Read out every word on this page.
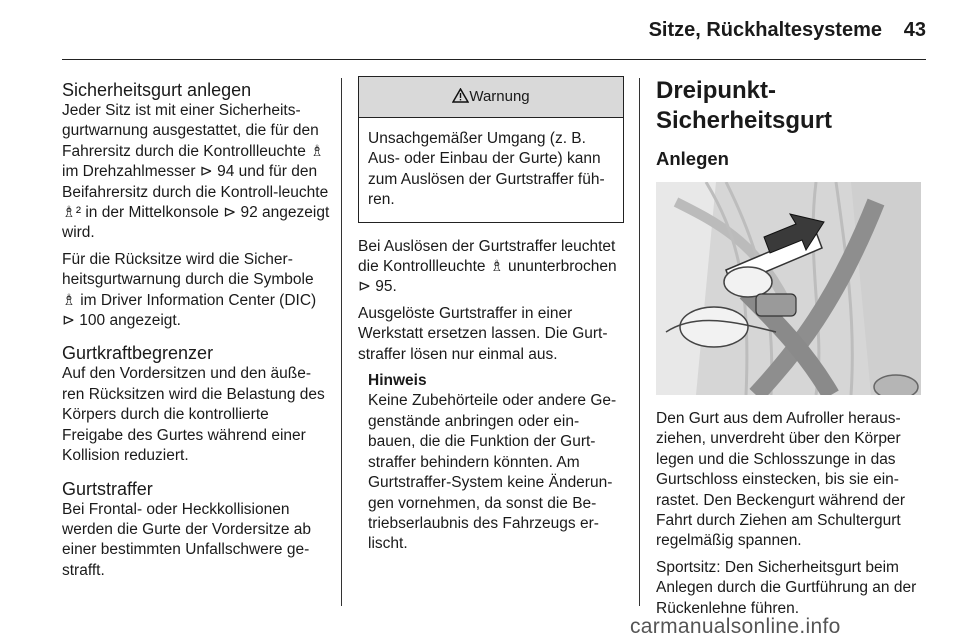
Sitze, Rückhaltesysteme 43
Sicherheitsgurt anlegen

Jeder Sitz ist mit einer Sicherheits-gurtwarnung ausgestattet, die für den Fahrersitz durch die Kontrollleuchte ♗ im Drehzahlmesser ⊳ 94 und für den Beifahrersitz durch die Kontroll-leuchte ♗² in der Mittelkonsole ⊳ 92 angezeigt wird.

Für die Rücksitze wird die Sicher-heitsgurtwarnung durch die Symbole ♗ im Driver Information Center (DIC) ⊳ 100 angezeigt.

Gurtkraftbegrenzer

Auf den Vordersitzen und den äuße-ren Rücksitzen wird die Belastung des Körpers durch die kontrollierte Freigabe des Gurtes während einer Kollision reduziert.

Gurtstraffer

Bei Frontal- oder Heckkollisionen werden die Gurte der Vordersitze ab einer bestimmten Unfallschwere ge-strafft.

Warnung
Unsachgemäßer Umgang (z. B. Aus- oder Einbau der Gurte) kann zum Auslösen der Gurtstraffer füh-ren.

Bei Auslösen der Gurtstraffer leuchtet die Kontrollleuchte ♗ ununterbrochen ⊳ 95.

Ausgelöste Gurtstraffer in einer Werkstatt ersetzen lassen. Die Gurt-straffer lösen nur einmal aus.

Hinweis
Keine Zubehörteile oder andere Ge-genstände anbringen oder ein-bauen, die die Funktion der Gurt-straffer behindern könnten. Am Gurtstraffer-System keine Änderun-gen vornehmen, da sonst die Be-triebserlaubnis des Fahrzeugs er-lischt.
Dreipunkt-Sicherheitsgurt
Anlegen

Den Gurt aus dem Aufroller heraus-ziehen, unverdreht über den Körper legen und die Schlosszunge in das Gurtschloss einstecken, bis sie ein-rastet. Den Beckengurt während der Fahrt durch Ziehen am Schultergurt regelmäßig spannen.

Sportsitz: Den Sicherheitsgurt beim Anlegen durch die Gurtführung an der Rückenlehne führen.

carmanualsonline.info
